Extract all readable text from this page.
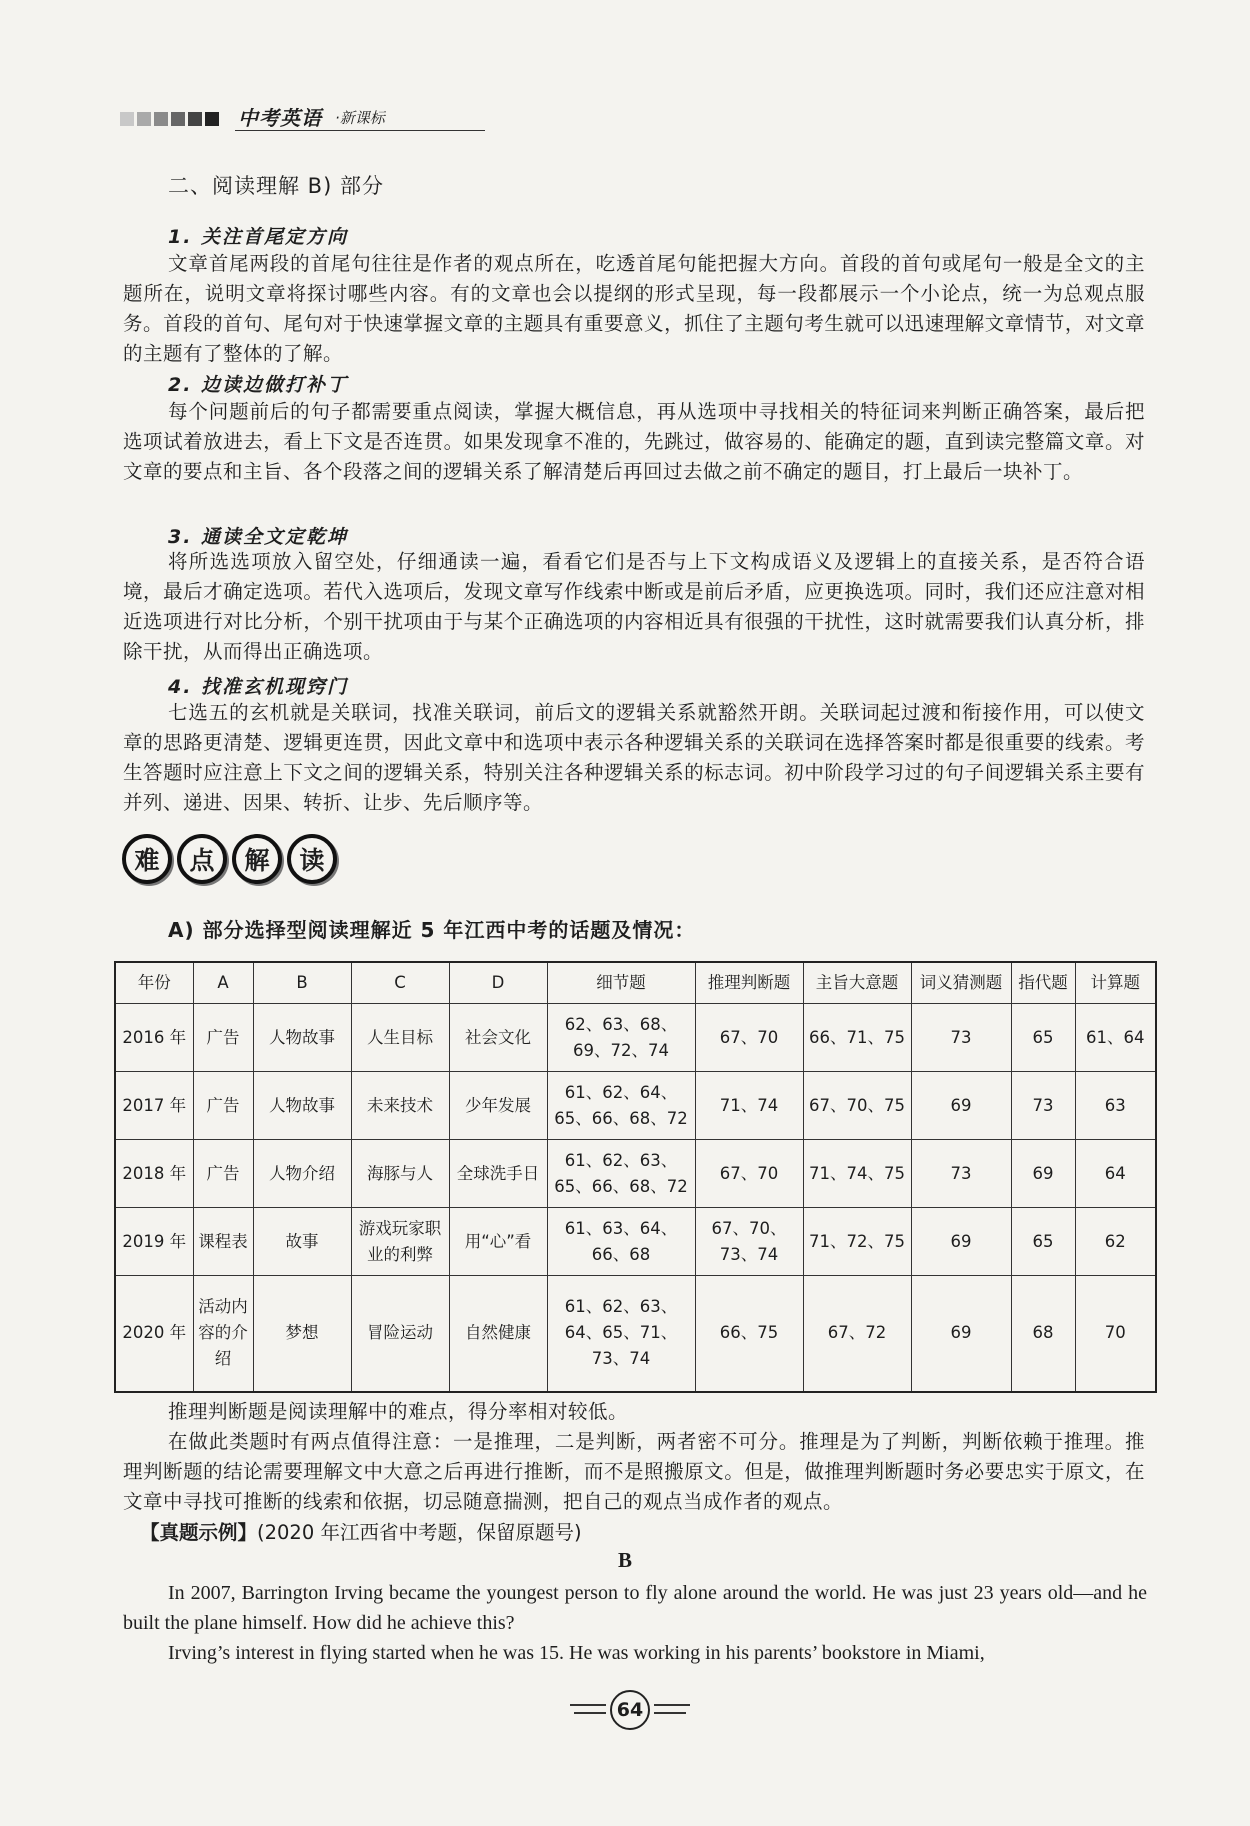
中考英语 ·新课标
二、阅读理解 B) 部分
1. 关注首尾定方向
文章首尾两段的首尾句往往是作者的观点所在，吃透首尾句能把握大方向。首段的首句或尾句一般是全文的主题所在，说明文章将探讨哪些内容。有的文章也会以提纲的形式呈现，每一段都展示一个小论点，统一为总观点服务。首段的首句、尾句对于快速掌握文章的主题具有重要意义，抓住了主题句考生就可以迅速理解文章情节，对文章的主题有了整体的了解。
2. 边读边做打补丁
每个问题前后的句子都需要重点阅读，掌握大概信息，再从选项中寻找相关的特征词来判断正确答案，最后把选项试着放进去，看上下文是否连贯。如果发现拿不准的，先跳过，做容易的、能确定的题，直到读完整篇文章。对文章的要点和主旨、各个段落之间的逻辑关系了解清楚后再回过去做之前不确定的题目，打上最后一块补丁。
3. 通读全文定乾坤
将所选选项放入留空处，仔细通读一遍，看看它们是否与上下文构成语义及逻辑上的直接关系，是否符合语境，最后才确定选项。若代入选项后，发现文章写作线索中断或是前后矛盾，应更换选项。同时，我们还应注意对相近选项进行对比分析，个别干扰项由于与某个正确选项的内容相近具有很强的干扰性，这时就需要我们认真分析，排除干扰，从而得出正确选项。
4. 找准玄机现窍门
七选五的玄机就是关联词，找准关联词，前后文的逻辑关系就豁然开朗。关联词起过渡和衔接作用，可以使文章的思路更清楚、逻辑更连贯，因此文章中和选项中表示各种逻辑关系的关联词在选择答案时都是很重要的线索。考生答题时应注意上下文之间的逻辑关系，特别关注各种逻辑关系的标志词。初中阶段学习过的句子间逻辑关系主要有并列、递进、因果、转折、让步、先后顺序等。
难	点	解	读
A) 部分选择型阅读理解近 5 年江西中考的话题及情况：
年份	A	B	C	D	细节题	推理判断题	主旨大意题	词义猜测题	指代题	计算题
2016 年	广告	人物故事	人生目标	社会文化	62、63、68、69、72、74	67、70	66、71、75	73	65	61、64
2017 年	广告	人物故事	未来技术	少年发展	61、62、64、65、66、68、72	71、74	67、70、75	69	73	63
2018 年	广告	人物介绍	海豚与人	全球洗手日	61、62、63、65、66、68、72	67、70	71、74、75	73	69	64
2019 年	课程表	故事	游戏玩家职业的利弊	用“心”看	61、63、64、66、68	67、70、73、74	71、72、75	69	65	62
2020 年	活动内容的介绍	梦想	冒险运动	自然健康	61、62、63、64、65、71、73、74	66、75	67、72	69	68	70
推理判断题是阅读理解中的难点，得分率相对较低。
在做此类题时有两点值得注意：一是推理，二是判断，两者密不可分。推理是为了判断，判断依赖于推理。推理判断题的结论需要理解文中大意之后再进行推断，而不是照搬原文。但是，做推理判断题时务必要忠实于原文，在文章中寻找可推断的线索和依据，切忌随意揣测，把自己的观点当成作者的观点。
【真题示例】(2020 年江西省中考题，保留原题号)
B
In 2007, Barrington Irving became the youngest person to fly alone around the world. He was just 23 years old—and he built the plane himself. How did he achieve this?
Irving’s interest in flying started when he was 15. He was working in his parents’ bookstore in Miami,
64
